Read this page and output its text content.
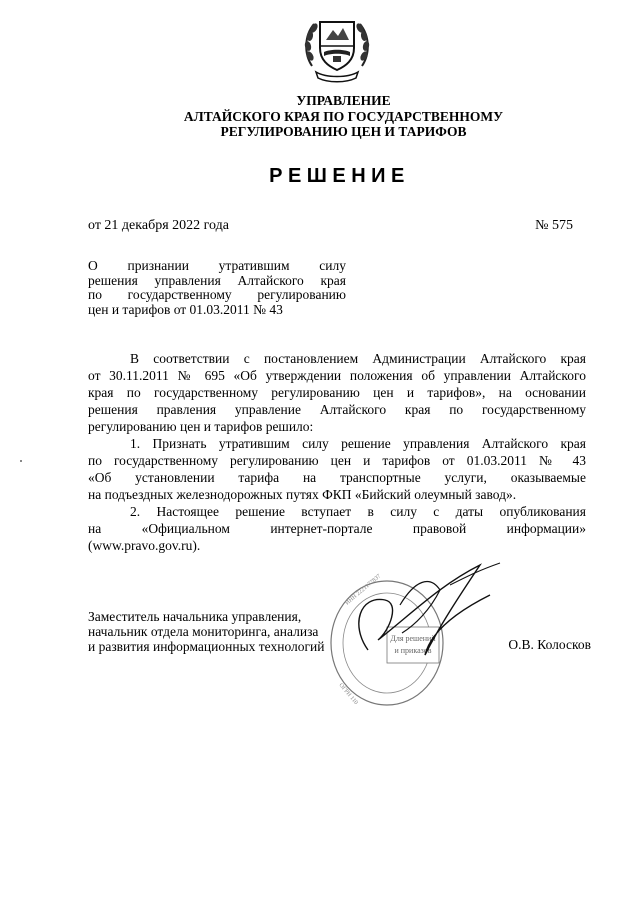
УПРАВЛЕНИЕ
АЛТАЙСКОГО КРАЯ ПО ГОСУДАРСТВЕННОМУ
РЕГУЛИРОВАНИЮ ЦЕН И ТАРИФОВ
РЕШЕНИЕ
от 21 декабря 2022 года	№ 575
О признании утратившим силу
решения управления Алтайского края
по государственному регулированию
цен и тарифов от 01.03.2011 № 43
В соответствии с постановлением Администрации Алтайского края
от 30.11.2011 № 695 «Об утверждении положения об управлении Алтайского
края по государственному регулированию цен и тарифов», на основании
решения правления управление Алтайского края по государственному
регулированию цен и тарифов решило:
1. Признать утратившим силу решение управления Алтайского края
по государственному регулированию цен и тарифов от 01.03.2011 № 43
«Об установлении тарифа на транспортные услуги, оказываемые
на подъездных железнодорожных путях ФКП «Бийский олеумный завод».
2. Настоящее решение вступает в силу с даты опубликования
на «Официальном интернет-портале правовой информации»
(www.pravo.gov.ru).
Для решений
и приказов
ИНН 2221177837
ОГРН 110
Заместитель начальника управления,
начальник отдела мониторинга, анализа
и развития информационных технологий	О.В. Колосков
